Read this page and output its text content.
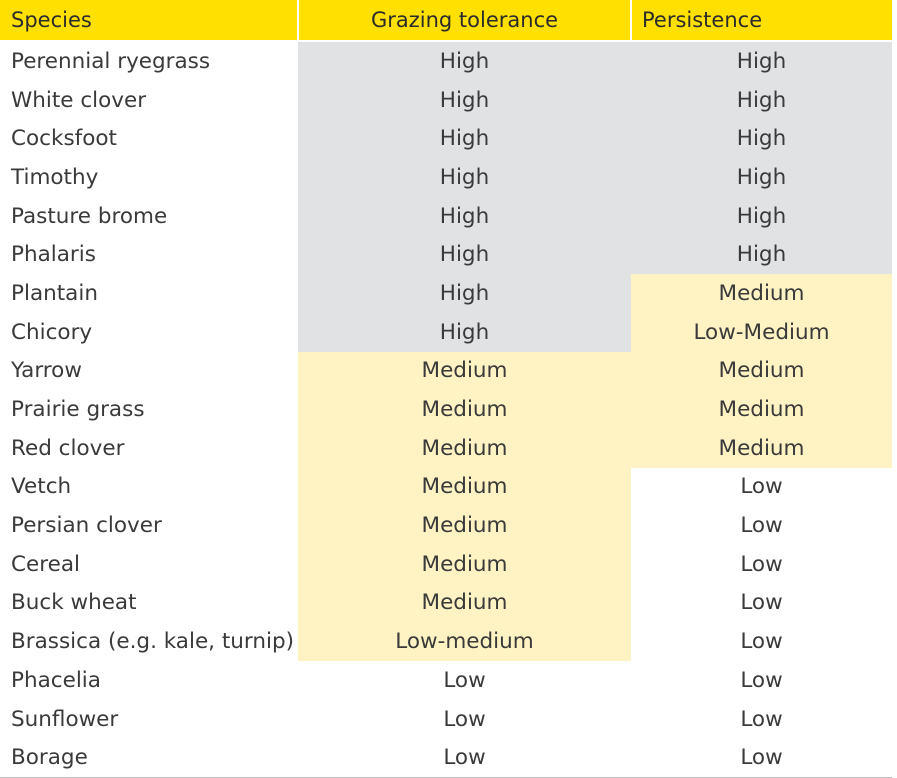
Species	Grazing tolerance	Persistence
Perennial ryegrass	High	High
White clover	High	High
Cocksfoot	High	High
Timothy	High	High
Pasture brome	High	High
Phalaris	High	High
Plantain	High	Medium
Chicory	High	Low-Medium
Yarrow	Medium	Medium
Prairie grass	Medium	Medium
Red clover	Medium	Medium
Vetch	Medium	Low
Persian clover	Medium	Low
Cereal	Medium	Low
Buck wheat	Medium	Low
Brassica (e.g. kale, turnip)	Low-medium	Low
Phacelia	Low	Low
Sunflower	Low	Low
Borage	Low	Low
